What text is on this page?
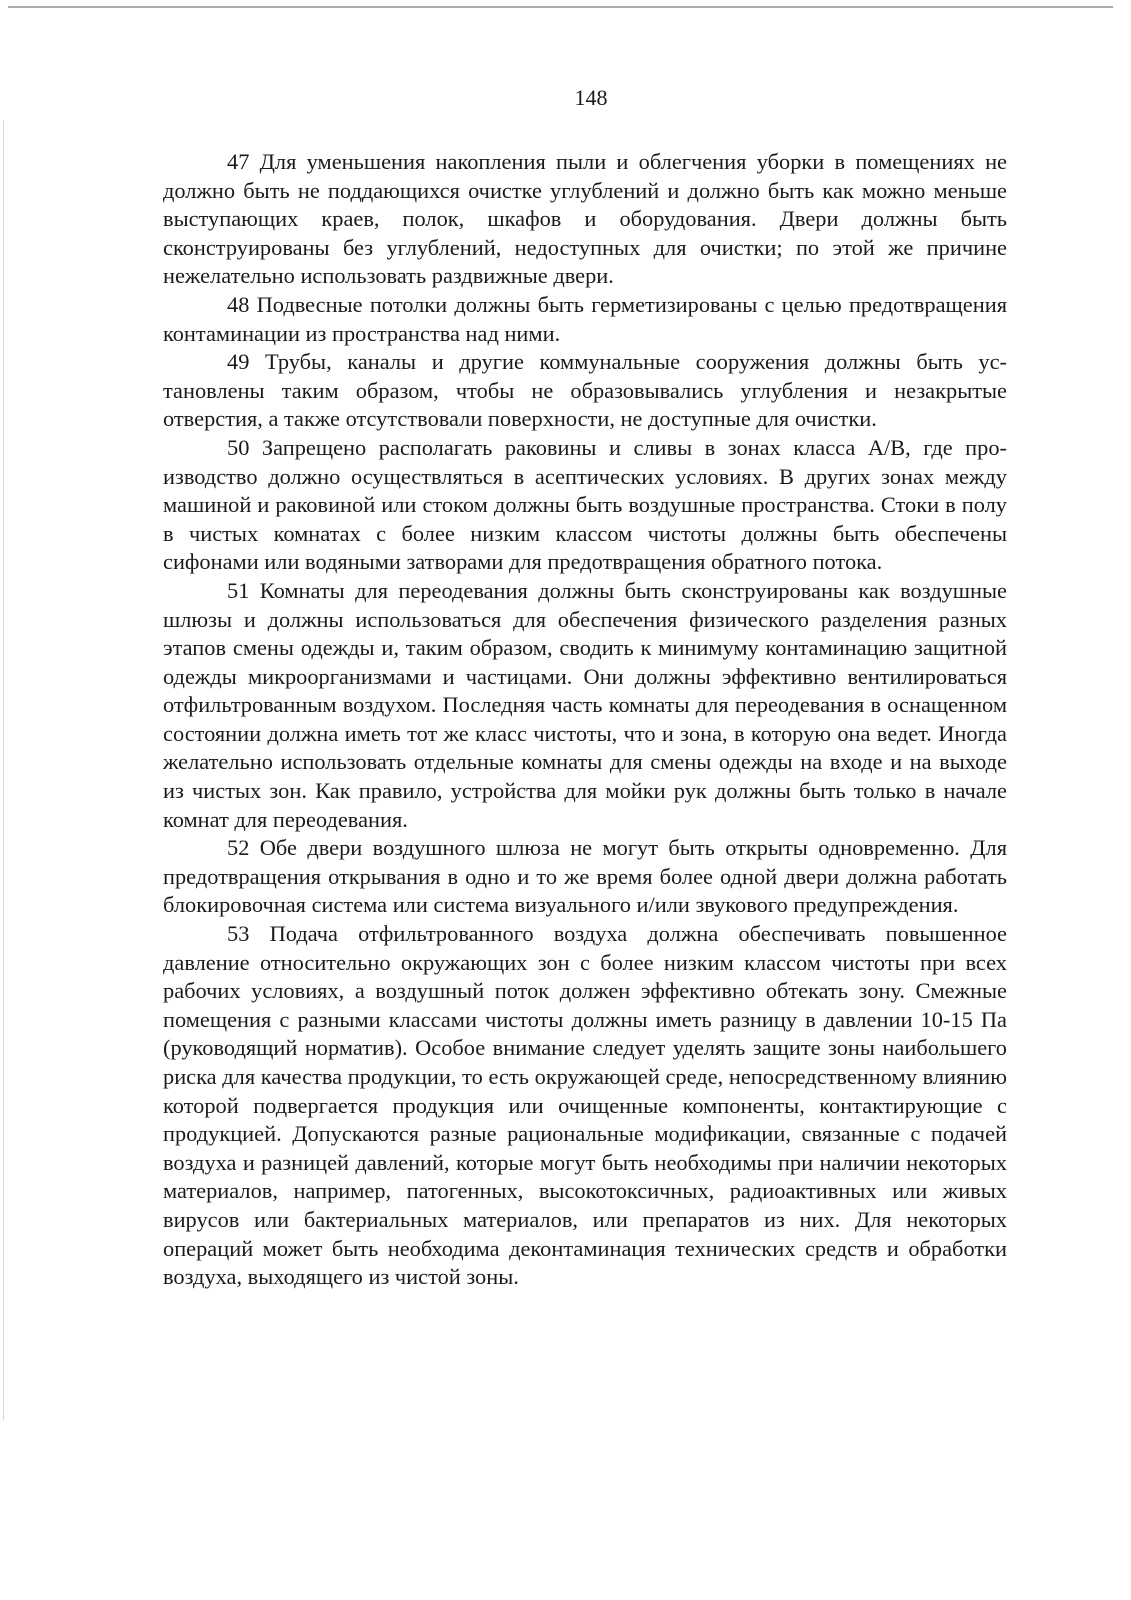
148

47 Для уменьшения накопления пыли и облегчения уборки в помещениях не должно быть не поддающихся очистке углублений и должно быть как можно меньше выступающих краев, полок, шкафов и оборудования. Двери должны быть сконструированы без углублений, недоступных для очистки; по этой же причине нежелательно использовать раздвижные двери.

48 Подвесные потолки должны быть герметизированы с целью предотвращения контаминации из пространства над ними.

49 Трубы, каналы и другие коммунальные сооружения должны быть установлены таким образом, чтобы не образовывались углубления и незакрытые отверстия, а также отсутствовали поверхности, не доступные для очистки.

50 Запрещено располагать раковины и сливы в зонах класса А/В, где производство должно осуществляться в асептических условиях. В других зонах между машиной и раковиной или стоком должны быть воздушные пространства. Стоки в полу в чистых комнатах с более низким классом чистоты должны быть обеспечены сифонами или водяными затворами для предотвращения обратного потока.

51 Комнаты для переодевания должны быть сконструированы как воздушные шлюзы и должны использоваться для обеспечения физического разделения разных этапов смены одежды и, таким образом, сводить к минимуму контаминацию защитной одежды микроорганизмами и частицами. Они должны эффективно вентилироваться отфильтрованным воздухом. Последняя часть комнаты для переодевания в оснащенном состоянии должна иметь тот же класс чистоты, что и зона, в которую она ведет. Иногда желательно использовать отдельные комнаты для смены одежды на входе и на выходе из чистых зон. Как правило, устройства для мойки рук должны быть только в начале комнат для переодевания.

52 Обе двери воздушного шлюза не могут быть открыты одновременно. Для предотвращения открывания в одно и то же время более одной двери должна работать блокировочная система или система визуального и/или звукового предупреждения.

53 Подача отфильтрованного воздуха должна обеспечивать повышенное давление относительно окружающих зон с более низким классом чистоты при всех рабочих условиях, а воздушный поток должен эффективно обтекать зону. Смежные помещения с разными классами чистоты должны иметь разницу в давлении 10-15 Па (руководящий норматив). Особое внимание следует уделять защите зоны наибольшего риска для качества продукции, то есть окружающей среде, непосредственному влиянию которой подвергается продукция или очищенные компоненты, контактирующие с продукцией. Допускаются разные рациональные модификации, связанные с подачей воздуха и разницей давлений, которые могут быть необходимы при наличии некоторых материалов, например, патогенных, высокотоксичных, радиоактивных или живых вирусов или бактериальных материалов, или препаратов из них. Для некоторых операций может быть необходима деконтаминация технических средств и обработки воздуха, выходящего из чистой зоны.
